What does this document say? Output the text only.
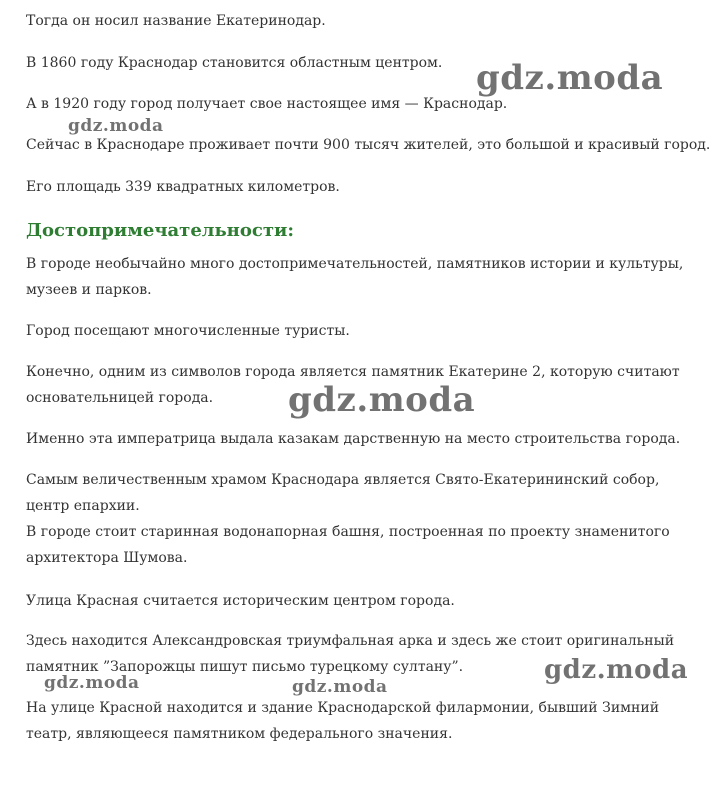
Тогда он носил название Екатеринодар.

В 1860 году Краснодар становится областным центром.

А в 1920 году город получает свое настоящее имя — Краснодар.

Сейчас в Краснодаре проживает почти 900 тысяч жителей, это большой и красивый город.

Его площадь 339 квадратных километров.

Достопримечательности:

В городе необычайно много достопримечательностей, памятников истории и культуры,

музеев и парков.

Город посещают многочисленные туристы.

Конечно, одним из символов города является памятник Екатерине 2, которую считают

основательницей города.

Именно эта императрица выдала казакам дарственную на место строительства города.

Самым величественным храмом Краснодара является Свято-Екатерининский собор,

центр епархии.

В городе стоит старинная водонапорная башня, построенная по проекту знаменитого

архитектора Шумова.

Улица Красная считается историческим центром города.

Здесь находится Александровская триумфальная арка и здесь же стоит оригинальный

памятник ”Запорожцы пишут письмо турецкому султану”.

На улице Красной находится и здание Краснодарской филармонии, бывший Зимний

театр, являющееся памятником федерального значения.

gdz.moda
gdz.moda
gdz.moda
gdz.moda
gdz.moda	gdz.moda
